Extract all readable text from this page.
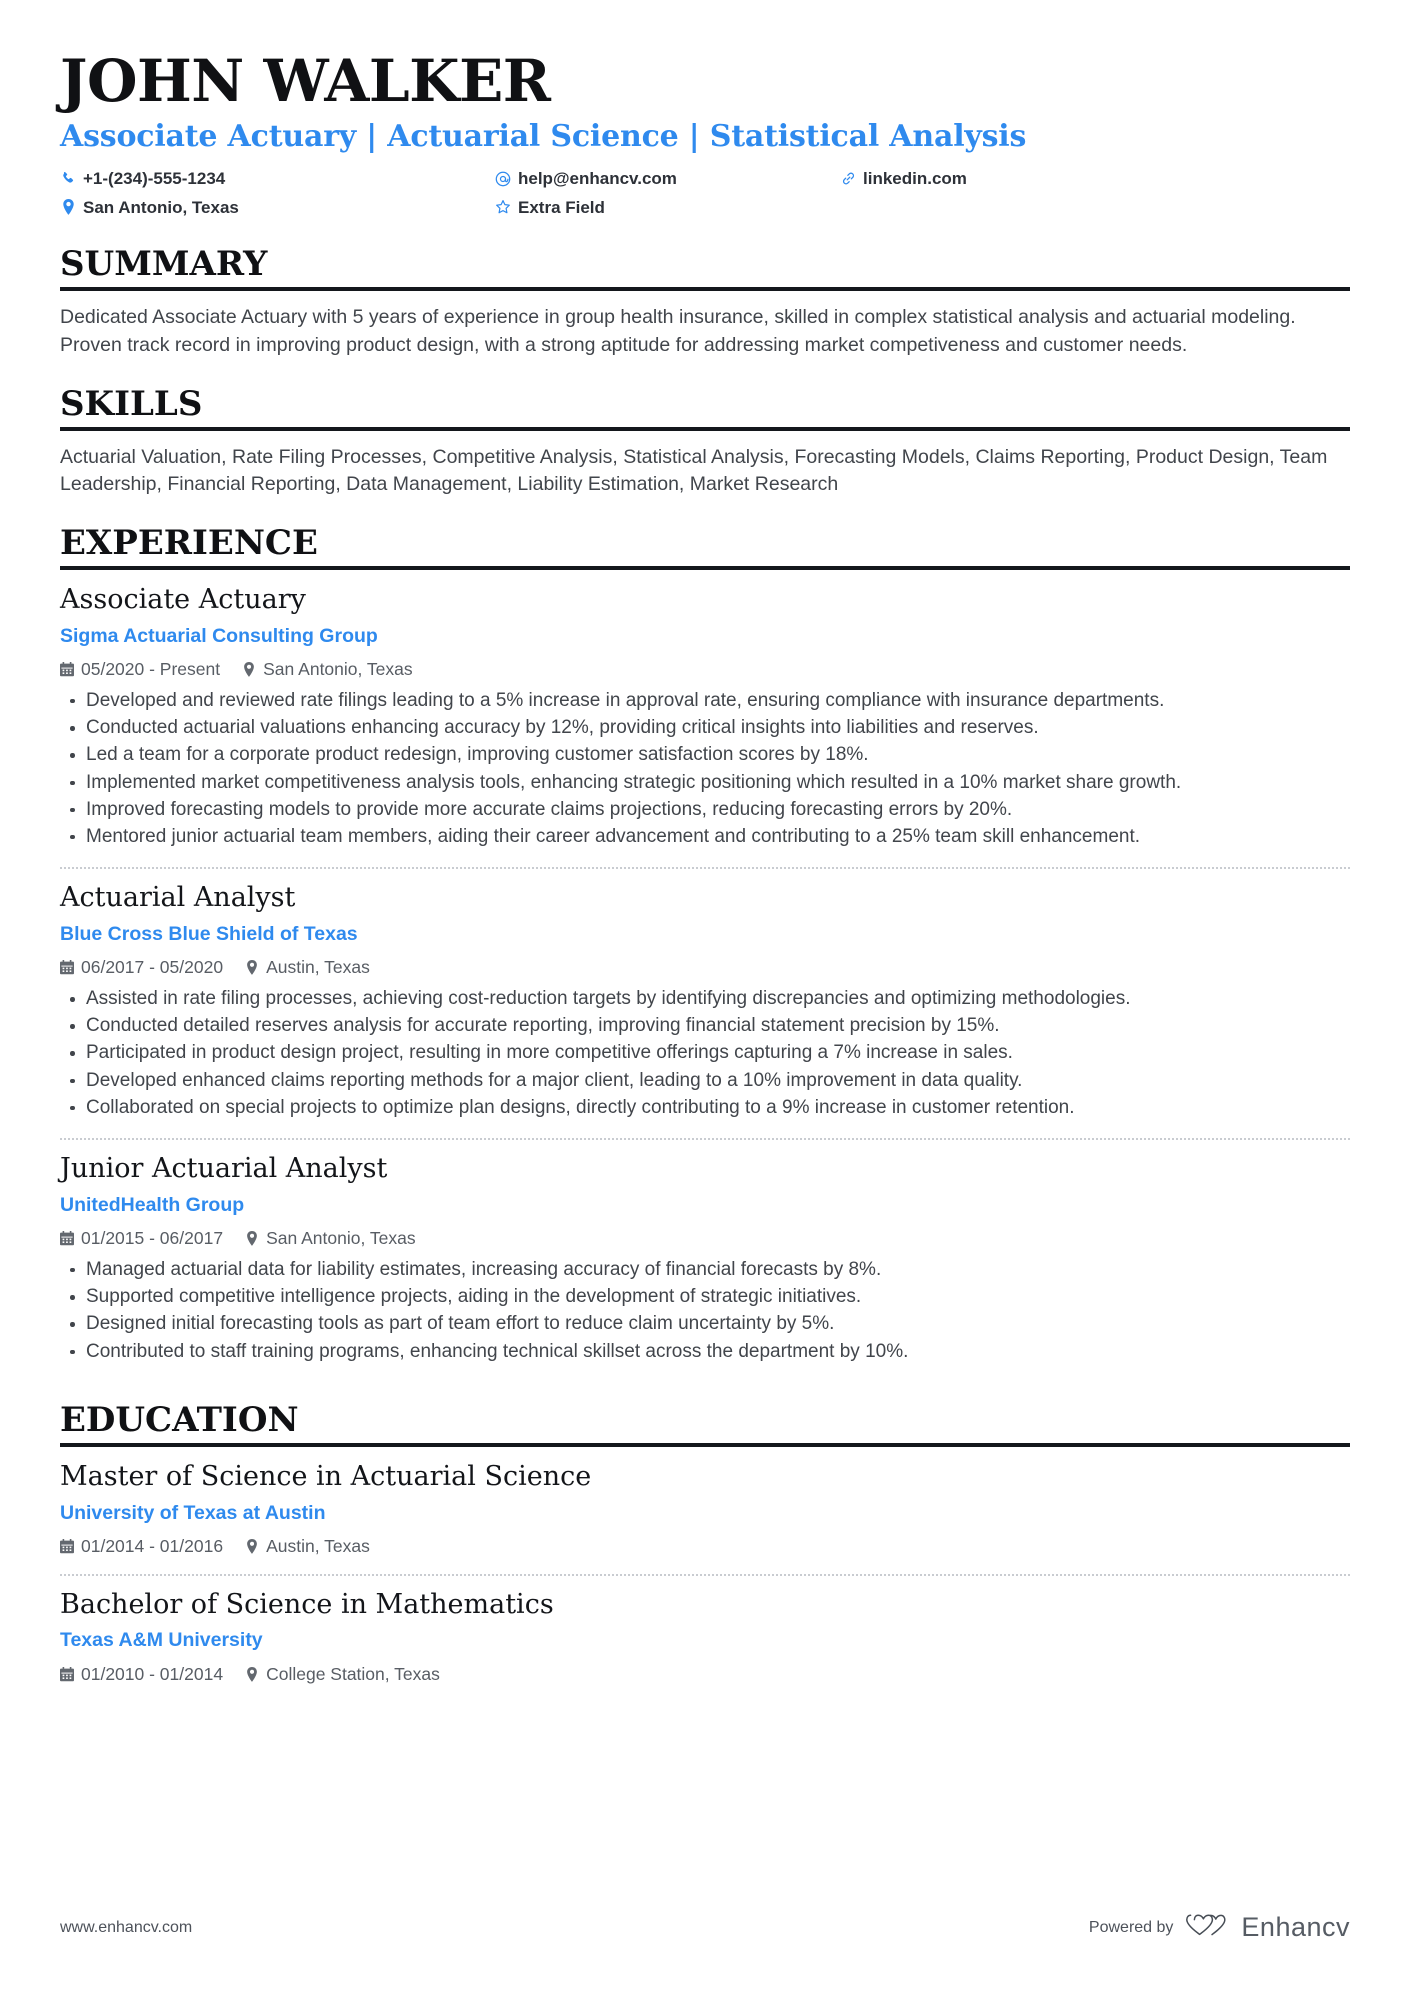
JOHN WALKER
Associate Actuary | Actuarial Science | Statistical Analysis
+1-(234)-555-1234	help@enhancv.com	linkedin.com
San Antonio, Texas	Extra Field
SUMMARY

Dedicated Associate Actuary with 5 years of experience in group health insurance, skilled in complex statistical analysis and actuarial modeling. Proven track record in improving product design, with a strong aptitude for addressing market competiveness and customer needs.

SKILLS

Actuarial Valuation, Rate Filing Processes, Competitive Analysis, Statistical Analysis, Forecasting Models, Claims Reporting, Product Design, Team Leadership, Financial Reporting, Data Management, Liability Estimation, Market Research

EXPERIENCE
Associate Actuary
Sigma Actuarial Consulting Group
05/2020 - Present San Antonio, Texas
Developed and reviewed rate filings leading to a 5% increase in approval rate, ensuring compliance with insurance departments.
Conducted actuarial valuations enhancing accuracy by 12%, providing critical insights into liabilities and reserves.
Led a team for a corporate product redesign, improving customer satisfaction scores by 18%.
Implemented market competitiveness analysis tools, enhancing strategic positioning which resulted in a 10% market share growth.
Improved forecasting models to provide more accurate claims projections, reducing forecasting errors by 20%.
Mentored junior actuarial team members, aiding their career advancement and contributing to a 25% team skill enhancement.
Actuarial Analyst
Blue Cross Blue Shield of Texas
06/2017 - 05/2020 Austin, Texas
Assisted in rate filing processes, achieving cost-reduction targets by identifying discrepancies and optimizing methodologies.
Conducted detailed reserves analysis for accurate reporting, improving financial statement precision by 15%.
Participated in product design project, resulting in more competitive offerings capturing a 7% increase in sales.
Developed enhanced claims reporting methods for a major client, leading to a 10% improvement in data quality.
Collaborated on special projects to optimize plan designs, directly contributing to a 9% increase in customer retention.
Junior Actuarial Analyst
UnitedHealth Group
01/2015 - 06/2017 San Antonio, Texas
Managed actuarial data for liability estimates, increasing accuracy of financial forecasts by 8%.
Supported competitive intelligence projects, aiding in the development of strategic initiatives.
Designed initial forecasting tools as part of team effort to reduce claim uncertainty by 5%.
Contributed to staff training programs, enhancing technical skillset across the department by 10%.
EDUCATION
Master of Science in Actuarial Science
University of Texas at Austin
01/2014 - 01/2016 Austin, Texas
Bachelor of Science in Mathematics
Texas A&M University
01/2010 - 01/2014 College Station, Texas
www.enhancv.com	Powered by	Enhancv
